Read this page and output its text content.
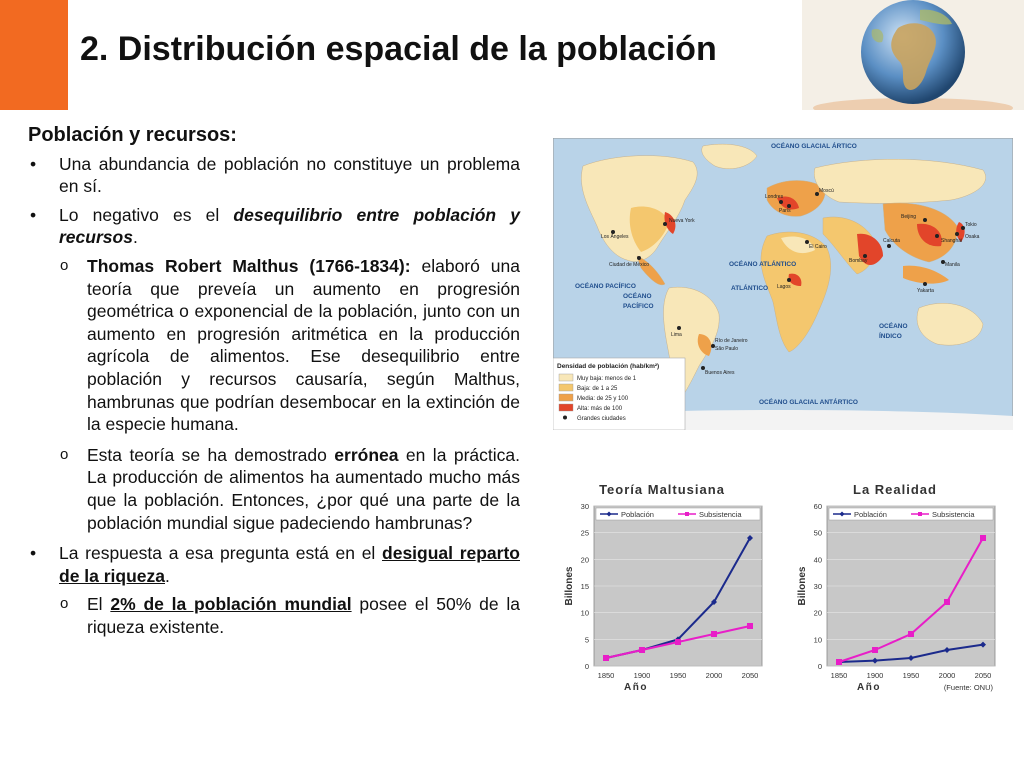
2. Distribución espacial de la población

Población y recursos:

• Una abundancia de población no constituye un problema en sí.
• Lo negativo es el desequilibrio entre población y recursos.
o Thomas Robert Malthus (1766-1834): elaboró una teoría que preveía un aumento en progresión geométrica o exponencial de la población, junto con un aumento en progresión aritmética en la producción agrícola de alimentos. Ese desequilibrio entre población y recursos causaría, según Malthus, hambrunas que podrían desembocar en la extinción de la especie humana.
o Esta teoría se ha demostrado errónea en la práctica. La producción de alimentos ha aumentado mucho más que la población. Entonces, ¿por qué una parte de la población mundial sigue padeciendo hambrunas?
• La respuesta a esa pregunta está en el desigual reparto de la riqueza.
o El 2% de la población mundial posee el 50% de la riqueza existente.
OCÉANO GLACIAL ÁRTICO
OCÉANO ATLÁNTICO
OCÉANO PACÍFICO
OCÉANO
PACÍFICO
ATLÁNTICO
OCÉANO
ÍNDICO
OCÉANO GLACIAL ANTÁRTICO
Los Ángeles
Nueva York
Ciudad de México
Lima
Buenos Aires
São Paulo
Río de Janeiro
Londres
París
Moscú
El Cairo
Lagos
Beijing
Tokio
Shanghái
Calcuta
Bombay
Manila
Yakarta
Osaka
Densidad de población (hab/km²)
Muy baja: menos de 1
Baja: de 1 a 25
Media: de 25 y 100
Alta: más de 100
Grandes ciudades
Teoría Maltusiana
0
5
10
15
20
25
30
1850	1900	1950	2000	2050
Año
Billones
Población	Subsistencia
La Realidad
0
10
20
30
40
50
60
1850	1900	1950	2000	2050
Año	(Fuente: ONU)
Billones
Población	Subsistencia
